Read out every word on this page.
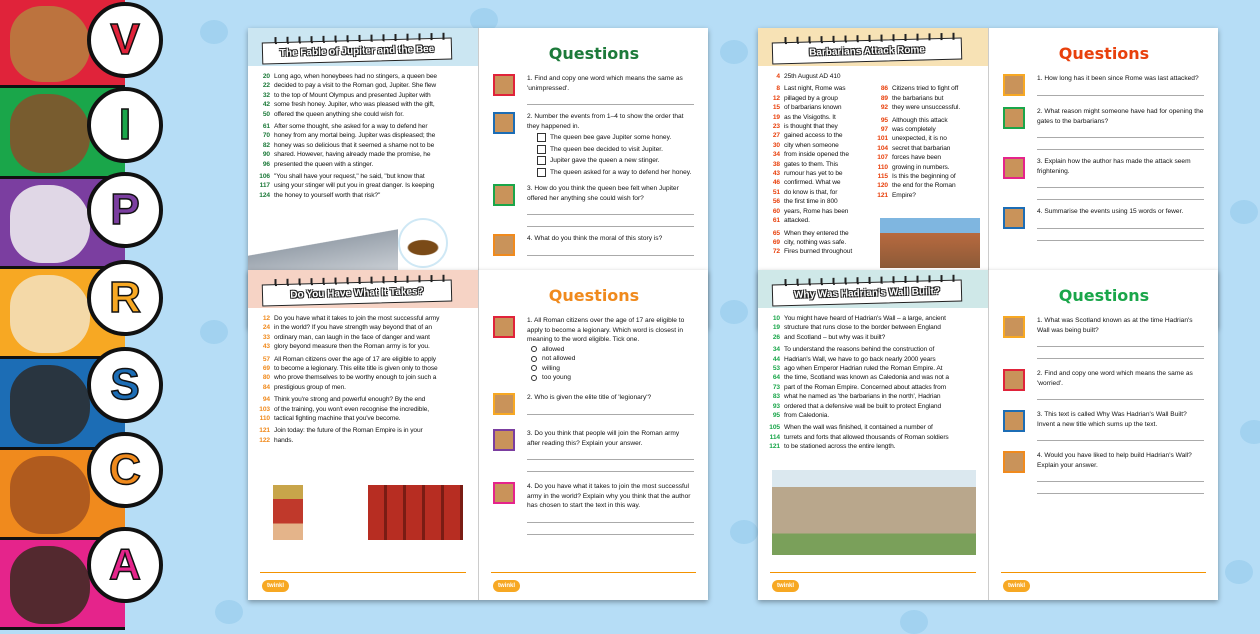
The Fable of Jupiter and the Bee
20 Long ago, when honeybees had no stingers, a queen bee
22 decided to pay a visit to the Roman god, Jupiter. She flew
32 to the top of Mount Olympus and presented Jupiter with
42 some fresh honey. Jupiter, who was pleased with the gift,
50 offered the queen anything she could wish for.
61 After some thought, she asked for a way to defend her
70 honey from any mortal being. Jupiter was displeased; the
82 honey was so delicious that it seemed a shame not to be
90 shared. However, having already made the promise, he
96 presented the queen with a stinger.
106 "You shall have your request," he said, "but know that
117 using your stinger will put you in great danger. Is keeping
124 the honey to yourself worth that risk?"
Questions
1. Find and copy one word which means the same as 'unimpressed'.
2. Number the events from 1–4 to show the order that they happened in.
The queen bee gave Jupiter some honey.
The queen bee decided to visit Jupiter.
Jupiter gave the queen a new stinger.
The queen asked for a way to defend her honey.
3. How do you think the queen bee felt when Jupiter offered her anything she could wish for?
4. What do you think the moral of this story is?
Do You Have What It Takes?
12 Do you have what it takes to join the most successful army
24 in the world? If you have strength way beyond that of an
33 ordinary man, can laugh in the face of danger and want
43 glory beyond measure then the Roman army is for you.
57 All Roman citizens over the age of 17 are eligible to apply
69 to become a legionary. This elite title is given only to those
80 who prove themselves to be worthy enough to join such a
84 prestigious group of men.
94 Think you're strong and powerful enough? By the end
103 of the training, you won't even recognise the incredible,
110 tactical fighting machine that you've become.
121 Join today: the future of the Roman Empire is in your
122 hands.
twinkl
Questions
1. All Roman citizens over the age of 17 are eligible to apply to become a legionary. Which word is closest in meaning to the word eligible. Tick one.
allowed
not allowed
willing
too young
2. Who is given the elite title of 'legionary'?
3. Do you think that people will join the Roman army after reading this? Explain your answer.
4. Do you have what it takes to join the most successful army in the world? Explain why you think that the author has chosen to start the text in this way.
twinkl
Barbarians Attack Rome
4 25th August AD 410
8 Last night, Rome was
12 pillaged by a group
15 of barbarians known
19 as the Visigoths. It
23 is thought that they
27 gained access to the
30 city when someone
34 from inside opened the
38 gates to them. This
43 rumour has yet to be
46 confirmed. What we
51 do know is that, for
56 the first time in 800
60 years, Rome has been
61 attacked.
65 When they entered the
69 city, nothing was safe.
72 Fires burned throughout
86 Citizens tried to fight off
89 the barbarians but
92 they were unsuccessful.
95 Although this attack
97 was completely
101 unexpected, it is no
104 secret that barbarian
107 forces have been
110 growing in numbers.
115 Is this the beginning of
120 the end for the Roman
121 Empire?
Questions
1. How long has it been since Rome was last attacked?
2. What reason might someone have had for opening the gates to the barbarians?
3. Explain how the author has made the attack seem frightening.
4. Summarise the events using 15 words or fewer.
Why Was Hadrian's Wall Built?
10 You might have heard of Hadrian's Wall – a large, ancient
19 structure that runs close to the border between England
26 and Scotland – but why was it built?
34 To understand the reasons behind the construction of
44 Hadrian's Wall, we have to go back nearly 2000 years
53 ago when Emperor Hadrian ruled the Roman Empire. At
64 the time, Scotland was known as Caledonia and was not a
73 part of the Roman Empire. Concerned about attacks from
83 what he named as 'the barbarians in the north', Hadrian
93 ordered that a defensive wall be built to protect England
95 from Caledonia.
105 When the wall was finished, it contained a number of
114 turrets and forts that allowed thousands of Roman soldiers
121 to be stationed across the entire length.
twinkl
Questions
1. What was Scotland known as at the time Hadrian's Wall was being built?
2. Find and copy one word which means the same as 'worried'.
3. This text is called Why Was Hadrian's Wall Built? Invent a new title which sums up the text.
4. Would you have liked to help build Hadrian's Wall? Explain your answer.
twinkl
V
I
P
R
S
C
A
